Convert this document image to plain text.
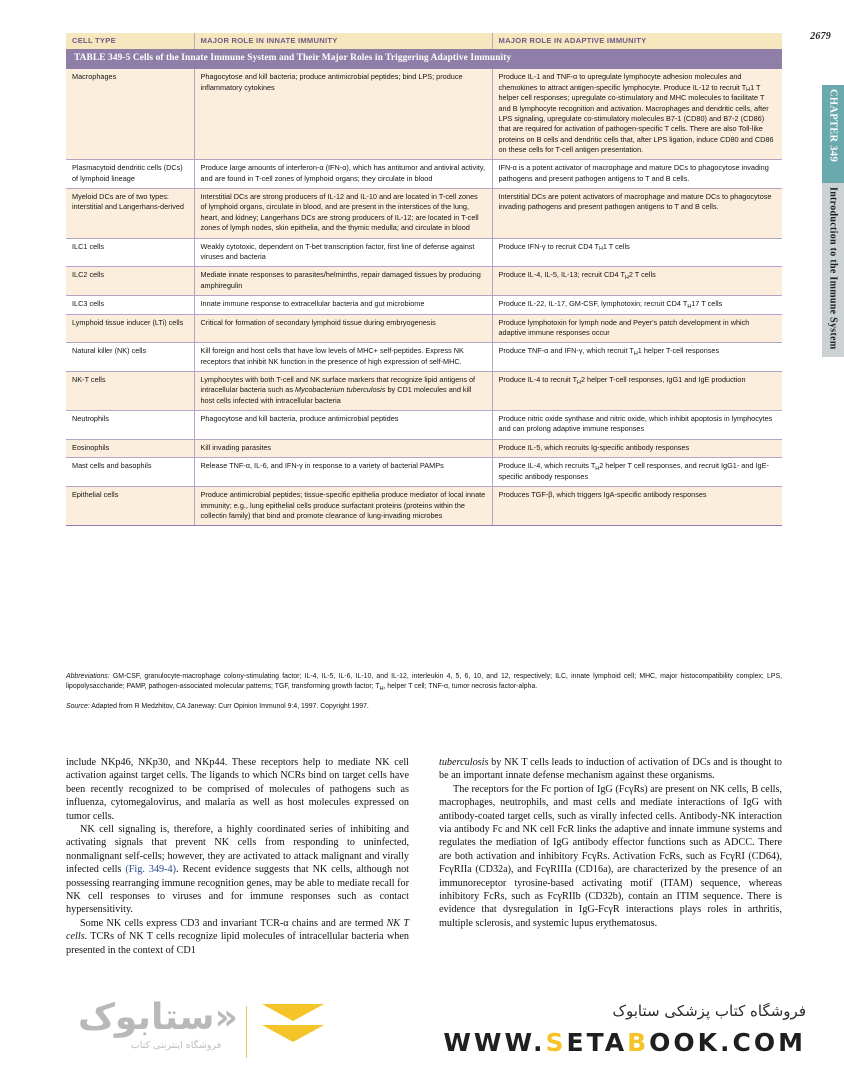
2679
CHAPTER 349
Introduction to the Immune System
TABLE 349-5 Cells of the Innate Immune System and Their Major Roles in Triggering Adaptive Immunity		
CELL TYPE	MAJOR ROLE IN INNATE IMMUNITY	MAJOR ROLE IN ADAPTIVE IMMUNITY
Macrophages	Phagocytose and kill bacteria; produce antimicrobial peptides; bind LPS; produce inflammatory cytokines	Produce IL-1 and TNF-α to upregulate lymphocyte adhesion molecules and chemokines to attract antigen-specific lymphocyte. Produce IL-12 to recruit $T_H1$ T helper cell responses; upregulate co-stimulatory and MHC molecules to facilitate T and B lymphocyte recognition and activation. Macrophages and dendritic cells, after LPS signaling, upregulate co-stimulatory molecules B7-1 (CD80) and B7-2 (CD86) that are required for activation of pathogen-specific T cells. There are also Toll-like proteins on B cells and dendritic cells that, after LPS ligation, induce CD80 and CD86 on these cells for T-cell antigen presentation.
Plasmacytoid dendritic cells (DCs) of lymphoid lineage	Produce large amounts of interferon-α (IFN-α), which has antitumor and antiviral activity, and are found in T-cell zones of lymphoid organs; they circulate in blood	IFN-α is a potent activator of macrophage and mature DCs to phagocytose invading pathogens and present pathogen antigens to T and B cells.
Myeloid DCs are of two types: interstitial and Langerhans-derived	Interstitial DCs are strong producers of IL-12 and IL-10 and are located in T-cell zones of lymphoid organs, circulate in blood, and are present in the interstices of the lung, heart, and kidney; Langerhans DCs are strong producers of IL-12; are located in T-cell zones of lymph nodes, skin epithelia, and the thymic medulla; and circulate in blood	Interstitial DCs are potent activators of macrophage and mature DCs to phagocytose invading pathogens and present pathogen antigens to T and B cells.
ILC1 cells	Weakly cytotoxic, dependent on T-bet transcription factor, first line of defense against viruses and bacteria	Produce IFN-γ to recruit CD4 $T_H1$ T cells
ILC2 cells	Mediate innate responses to parasites/helminths, repair damaged tissues by producing amphiregulin	Produce IL-4, IL-5, IL-13; recruit CD4 $T_H2$ T cells
ILC3 cells	Innate immune response to extracellular bacteria and gut microbiome	Produce IL-22, IL-17, GM-CSF, lymphotoxin; recruit CD4 $T_H17$ T cells
Lymphoid tissue inducer (LTi) cells	Critical for formation of secondary lymphoid tissue during embryogenesis	Produce lymphotoxin for lymph node and Peyer's patch development in which adaptive immune responses occur
Natural killer (NK) cells	Kill foreign and host cells that have low levels of MHC+ self-peptides. Express NK receptors that inhibit NK function in the presence of high expression of self-MHC.	Produce TNF-α and IFN-γ, which recruit $T_H1$ helper T-cell responses
NK-T cells	Lymphocytes with both T-cell and NK surface markers that recognize lipid antigens of intracellular bacteria such as Mycobacterium tuberculosis by CD1 molecules and kill host cells infected with intracellular bacteria	Produce IL-4 to recruit $T_H2$ helper T-cell responses, IgG1 and IgE production
Neutrophils	Phagocytose and kill bacteria, produce antimicrobial peptides	Produce nitric oxide synthase and nitric oxide, which inhibit apoptosis in lymphocytes and can prolong adaptive immune responses
Eosinophils	Kill invading parasites	Produce IL-5, which recruits Ig-specific antibody responses
Mast cells and basophils	Release TNF-α, IL-6, and IFN-γ in response to a variety of bacterial PAMPs	Produce IL-4, which recruits $T_H2$ helper T cell responses, and recruit IgG1- and IgE-specific antibody responses
Epithelial cells	Produce antimicrobial peptides; tissue-specific epithelia produce mediator of local innate immunity; e.g., lung epithelial cells produce surfactant proteins (proteins within the collectin family) that bind and promote clearance of lung-invading microbes	Produces TGF-β, which triggers IgA-specific antibody responses
Abbreviations: GM-CSF, granulocyte-macrophage colony-stimulating factor; IL-4, IL-5, IL-6, IL-10, and IL-12, interleukin 4, 5, 6, 10, and 12, respectively; ILC, innate lymphoid cell; MHC, major histocompatibility complex; LPS, lipopolysaccharide; PAMP, pathogen-associated molecular patterns; TGF, transforming growth factor; $T_H$, helper T cell; TNF-α, tumor necrosis factor-alpha.
Source: Adapted from R Medzhitov, CA Janeway: Curr Opinion Immunol 9:4, 1997. Copyright 1997.

include NKp46, NKp30, and NKp44. These receptors help to mediate NK cell activation against target cells. The ligands to which NCRs bind on target cells have been recently recognized to be comprised of molecules of pathogens such as influenza, cytomegalovirus, and malaria as well as host molecules expressed on tumor cells.

NK cell signaling is, therefore, a highly coordinated series of inhibiting and activating signals that prevent NK cells from responding to uninfected, nonmalignant self-cells; however, they are activated to attack malignant and virally infected cells (Fig. 349-4). Recent evidence suggests that NK cells, although not possessing rearranging immune recognition genes, may be able to mediate recall for NK cell responses to viruses and for immune responses such as contact hypersensitivity.

Some NK cells express CD3 and invariant TCR-α chains and are termed NK T cells. TCRs of NK T cells recognize lipid molecules of intracellular bacteria when presented in the context of CD1

tuberculosis by NK T cells leads to induction of activation of DCs and is thought to be an important innate defense mechanism against these organisms.

The receptors for the Fc portion of IgG (FcγRs) are present on NK cells, B cells, macrophages, neutrophils, and mast cells and mediate interactions of IgG with antibody-coated target cells, such as virally infected cells. Antibody-NK interaction via antibody Fc and NK cell FcR links the adaptive and innate immune systems and regulates the mediation of IgG antibody effector functions such as ADCC. There are both activation and inhibitory FcγRs. Activation FcRs, such as FcγRI (CD64), FcγRIIa (CD32a), and FcγRIIIa (CD16a), are characterized by the presence of an immunoreceptor tyrosine-based activating motif (ITAM) sequence, whereas inhibitory FcRs, such as FcγRIIb (CD32b), contain an ITIM sequence. There is evidence that dysregulation in IgG-FcγR interactions plays roles in arthritis, multiple sclerosis, and systemic lupus erythematosus.

«ستابوک
فروشگاه اینترنتی کتاب
فروشگاه کتاب پزشکی ستابوک
WWW.SETABOOK.COM
